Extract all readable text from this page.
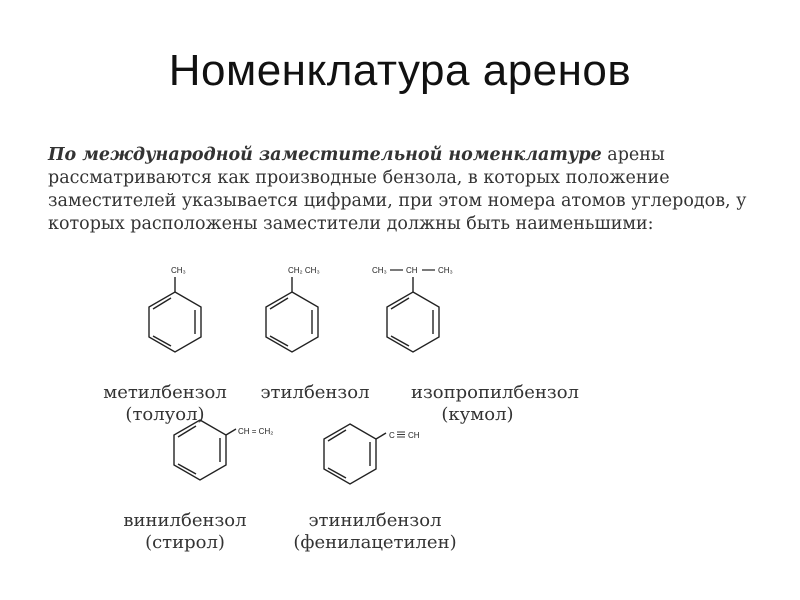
Номенклатура аренов
По международной заместительной номенклатуре арены рассматриваются как производные бензола, в которых положение заместителей указывается цифрами, при этом номера атомов углеродов, у которых расположены заместители должны быть наименьшими:
CH₃	CH₂ CH₃	CH₃ CH	CH₃
метилбензол
(толуол)
этилбензол	изопропилбензол
(кумол)
CH = CH₂	C CH
винилбензол
(стирол)
этинилбензол
(фенилацетилен)
